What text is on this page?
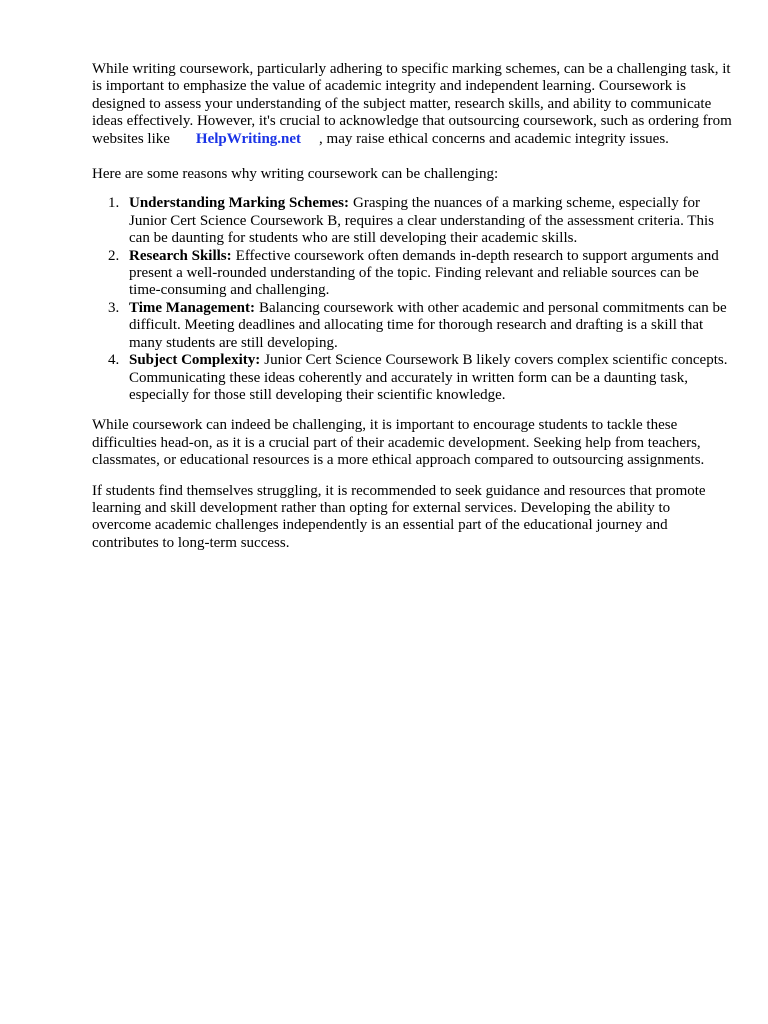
While writing coursework, particularly adhering to specific marking schemes, can be a challenging task, it is important to emphasize the value of academic integrity and independent learning. Coursework is designed to assess your understanding of the subject matter, research skills, and ability to communicate ideas effectively. However, it's crucial to acknowledge that outsourcing coursework, such as ordering from websites like HelpWriting.net , may raise ethical concerns and academic integrity issues.

Here are some reasons why writing coursework can be challenging:

1. Understanding Marking Schemes: Grasping the nuances of a marking scheme, especially for Junior Cert Science Coursework B, requires a clear understanding of the assessment criteria. This can be daunting for students who are still developing their academic skills.
2. Research Skills: Effective coursework often demands in-depth research to support arguments and present a well-rounded understanding of the topic. Finding relevant and reliable sources can be time-consuming and challenging.
3. Time Management: Balancing coursework with other academic and personal commitments can be difficult. Meeting deadlines and allocating time for thorough research and drafting is a skill that many students are still developing.
4. Subject Complexity: Junior Cert Science Coursework B likely covers complex scientific concepts. Communicating these ideas coherently and accurately in written form can be a daunting task, especially for those still developing their scientific knowledge.

While coursework can indeed be challenging, it is important to encourage students to tackle these difficulties head-on, as it is a crucial part of their academic development. Seeking help from teachers, classmates, or educational resources is a more ethical approach compared to outsourcing assignments.

If students find themselves struggling, it is recommended to seek guidance and resources that promote learning and skill development rather than opting for external services. Developing the ability to overcome academic challenges independently is an essential part of the educational journey and contributes to long-term success.
